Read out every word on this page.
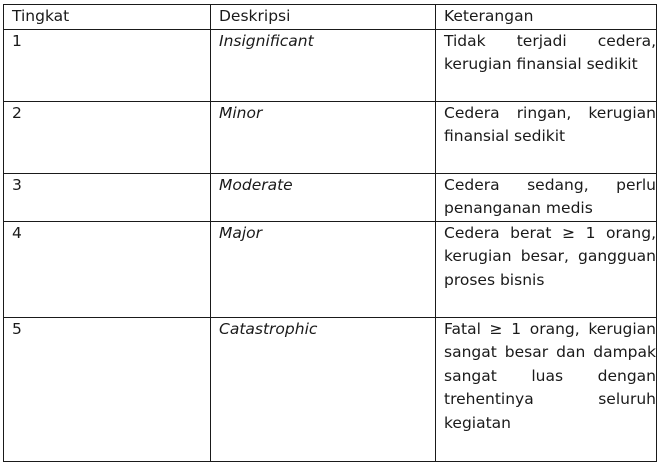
Tingkat	Deskripsi	Keterangan
1	Insignificant	Tidak terjadi cedera, kerugian finansial sedikit
2	Minor	Cedera ringan, kerugian finansial sedikit
3	Moderate	Cedera sedang, perlu penanganan medis
4	Major	Cedera berat ≥ 1 orang, kerugian besar, gangguan proses bisnis
5	Catastrophic	Fatal ≥ 1 orang, kerugian sangat besar dan dampak sangat luas dengan trehentinya seluruh kegiatan
